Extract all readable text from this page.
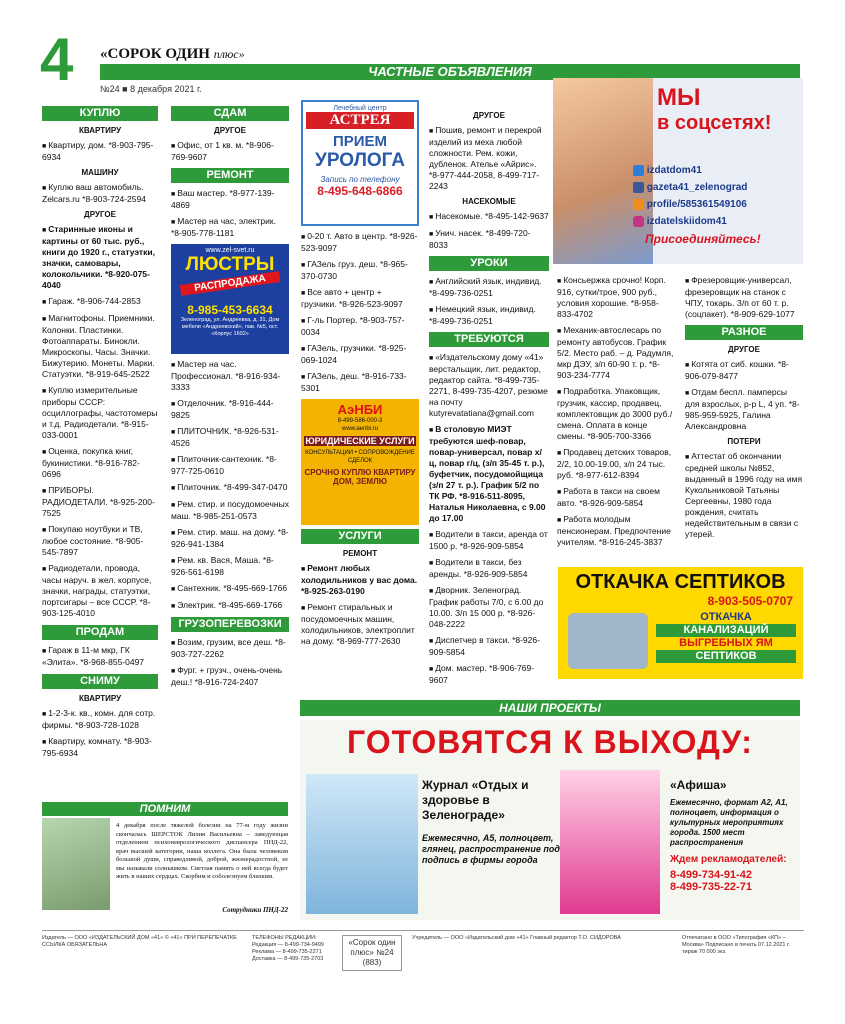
4 «СОРОК ОДИН плюс»
ЧАСТНЫЕ ОБЪЯВЛЕНИЯ
№24 ■ 8 декабря 2021 г.
КУПЛЮ
КВАРТИРУ
■ Квартиру, дом. *8-903-795-6934
МАШИНУ
■ Куплю ваш автомобиль. Zelcars.ru *8-903-724-2594
ДРУГОЕ
■ Старинные иконы и картины от 60 тыс. руб., книги до 1920 г., статуэтки, значки, самовары, колокольчики. *8-920-075-4040
■ Гараж. *8-906-744-2853
■ Магнитофоны. Приемники. Колонки. Пластинки. Фотоаппараты. Бинокли. Микроскопы. Часы. Значки. Бижутерию. Монеты. Марки. Статуэтки. *8-919-645-2522
■ Куплю измерительные приборы СССР: осциллографы, частотомеры и т.д. Радиодетали. *8-915-033-0001
■ Оценка, покупка книг, букинистики. *8-916-782-0696
■ ПРИБОРЫ. РАДИОДЕТАЛИ. *8-925-200-7525
■ Покупаю ноутбуки и ТВ, любое состояние. *8-905-545-7897
■ Радиодетали, провода, часы наруч. в жел. корпусе, значки, награды, статуэтки, портсигары – все СССР. *8-903-125-4010
ПРОДАМ
■ Гараж в 11-м мкр, ГК «Элита». *8-968-855-0497
СНИМУ
КВАРТИРУ
■ 1-2-3-к. кв., комн. для сотр. фирмы. *8-903-728-1028
■ Квартиру, комнату. *8-903-795-6934
СДАМ
ДРУГОЕ
■ Офис, от 1 кв. м. *8-906-769-9607
РЕМОНТ
■ Ваш мастер. *8-977-139-4869
■ Мастер на час, электрик. *8-905-778-1181
www.zel-svet.ru
ЛЮСТРЫ
РАСПРОДАЖА
8-985-453-6634
Зеленоград, ул. Андреевка, д. 31, Дом мебели «Андреевский», пав. №5, ост. «Корпус 1602»
■ Мастер на час. Профессионал. *8-916-934-3333
■ Отделочник. *8-916-444-9825
■ ПЛИТОЧНИК. *8-926-531-4526
■ Плиточник-сантехник. *8-977-725-0610
■ Плиточник. *8-499-347-0470
■ Рем. стир. и посудомоечных маш. *8-985-251-0573
■ Рем. стир. маш. на дому. *8-926-941-1384
■ Рем. кв. Вася, Маша. *8-926-561-6198
■ Сантехник. *8-495-669-1766
■ Электрик. *8-495-669-1766
ГРУЗОПЕРЕВОЗКИ
■ Возим, грузим, все деш. *8-903-727-2262
■ Фург. + грузч., очень-очень деш.! *8-916-724-2407
Лечебный центр
АСТРЕЯ
ПРИЕМ
УРОЛОГА
Запись по телефону
8-495-648-6866
■ 0-20 т. Авто в центр. *8-926-523-9097
■ ГАЗель груз. деш. *8-965-370-0730
■ Все авто + центр + грузчики. *8-926-523-9097
■ Г-ль Портер. *8-903-757-0034
■ ГАЗель, грузчики. *8-925-069-1024
■ ГАЗель, деш. *8-916-733-5301
АэНБИ
8-499-586-000-3
www.aenbi.ru
ЮРИДИЧЕСКИЕ УСЛУГИ
КОНСУЛЬТАЦИИ • СОПРОВОЖДЕНИЕ СДЕЛОК
СРОЧНО КУПЛЮ КВАРТИРУ ДОМ, ЗЕМЛЮ
УСЛУГИ
РЕМОНТ
■ Ремонт любых холодильников у вас дома. *8-925-263-0190
■ Ремонт стиральных и посудомоечных машин, холодильников, электроплит на дому. *8-969-777-2630
ДРУГОЕ
■ Пошив, ремонт и перекрой изделий из меха любой сложности. Рем. кожи, дубленок. Ателье «Айрис». *8-977-444-2058, 8-499-717-2243
НАСЕКОМЫЕ
■ Насекомые. *8-495-142-9637
■ Унич. насек. *8-499-720-8033
УРОКИ
■ Английский язык, индивид. *8-499-736-0251
■ Немецкий язык, индивид. *8-499-736-0251
ТРЕБУЮТСЯ
■ «Издательскому дому «41» верстальщик, лит. редактор, редактор сайта. *8-499-735-2271, 8-499-735-4207, резюме на почту kutyrevatatiana@gmail.com
■ В столовую МИЭТ требуются шеф-повар, повар-универсал, повар х/ц, повар г/ц, (з/п 35-45 т. р.), буфетчик, посудомойщица (з/п 27 т. р.). График 5/2 по ТК РФ. *8-916-511-8095, Наталья Николаевна, с 9.00 до 17.00
■ Водители в такси, аренда от 1500 р. *8-926-909-5854
■ Водители в такси, без аренды. *8-926-909-5854
■ Дворник. Зеленоград. График работы 7/0, с 6.00 до 10.00. З/п 15 000 р. *8-926-048-2222
■ Диспетчер в такси. *8-926-909-5854
■ Дом. мастер. *8-906-769-9607
МЫ
в соцсетях!
izdatdom41
gazeta41_zelenograd
profile/585361549106
izdatelskiidom41
Присоединяйтесь!
■ Консьержка срочно! Корп. 916, сутки/трое, 900 руб., условия хорошие. *8-958-833-4702
■ Механик-автослесарь по ремонту автобусов. График 5/2. Место раб. – д. Радумля, мкр ДЭУ, з/п 60-90 т. р. *8-903-234-7774
■ Подработка. Упаковщик, грузчик, кассир, продавец, комплектовщик до 3000 руб./смена. Оплата в конце смены. *8-905-700-3366
■ Продавец детских товаров, 2/2, 10.00-19.00, з/п 24 тыс. руб. *8-977-612-8394
■ Работа в такси на своем авто. *8-926-909-5854
■ Работа молодым пенсионерам. Предпочтение учителям. *8-916-245-3837
■ Фрезеровщик-универсал, фрезеровщик на станок с ЧПУ, токарь. З/п от 60 т. р. (соцпакет). *8-909-629-1077
РАЗНОЕ
ДРУГОЕ
■ Котята от сиб. кошки. *8-906-079-8477
■ Отдам беспл. памперсы для взрослых, р-р L, 4 уп. *8-985-959-5925, Галина Александровна
ПОТЕРИ
■ Аттестат об окончании средней школы №852, выданный в 1996 году на имя Кукольниковой Татьяны Сергеевны, 1980 года рождения, считать недействительным в связи с утерей.
ОТКАЧКА СЕПТИКОВ
8-903-505-0707
ОТКАЧКА
КАНАЛИЗАЦИЙ
ВЫГРЕБНЫХ ЯМ
СЕПТИКОВ
НАШИ ПРОЕКТЫ
ГОТОВЯТСЯ К ВЫХОДУ:
Журнал «Отдых и здоровье в Зеленограде»
Ежемесячно, А5, полноцвет, глянец, распространение под подпись в фирмы города
«Афиша»
Ежемесячно, формат А2, А1, полноцвет, информация о культурных мероприятиях города. 1500 мест распространения
Ждем рекламодателей:
8-499-734-91-42
8-499-735-22-71
ПОМНИМ
4 декабря после тяжелой болезни на 77-м году жизни скончалась ШЕРСТОК Лилия Васильевна – заведующая отделением психоневрологического диспансера ПНД-22, врач высшей категории, наша коллега. Она была человеком большой души, справедливой, доброй, жизнерадостной, ее мы называли солнышком. Светлая память о ней всегда будет жить в наших сердцах. Скорбим и соболезнуем близким.
Сотрудники ПНД-22
Издатель — ООО «ИЗДАТЕЛЬСКИЙ ДОМ «41» © «41» ПРИ ПЕРЕПЕЧАТКЕ ССЫЛКА ОБЯЗАТЕЛЬНА
ТЕЛЕФОНЫ РЕДАКЦИИ: Редакция — 8-499-734-9499 Реклама — 8-499-735-2271 Доставка — 8-499-735-2703
«Сорок один плюс» №24 (883)
Учредитель — ООО «Издательский дом «41» Главный редактор Т.О. СИДОРОВА	Отпечатано в ООО «Типография «КП» – Москва» Подписано в печать 07.12.2021 г. тираж 70 000 экз.
